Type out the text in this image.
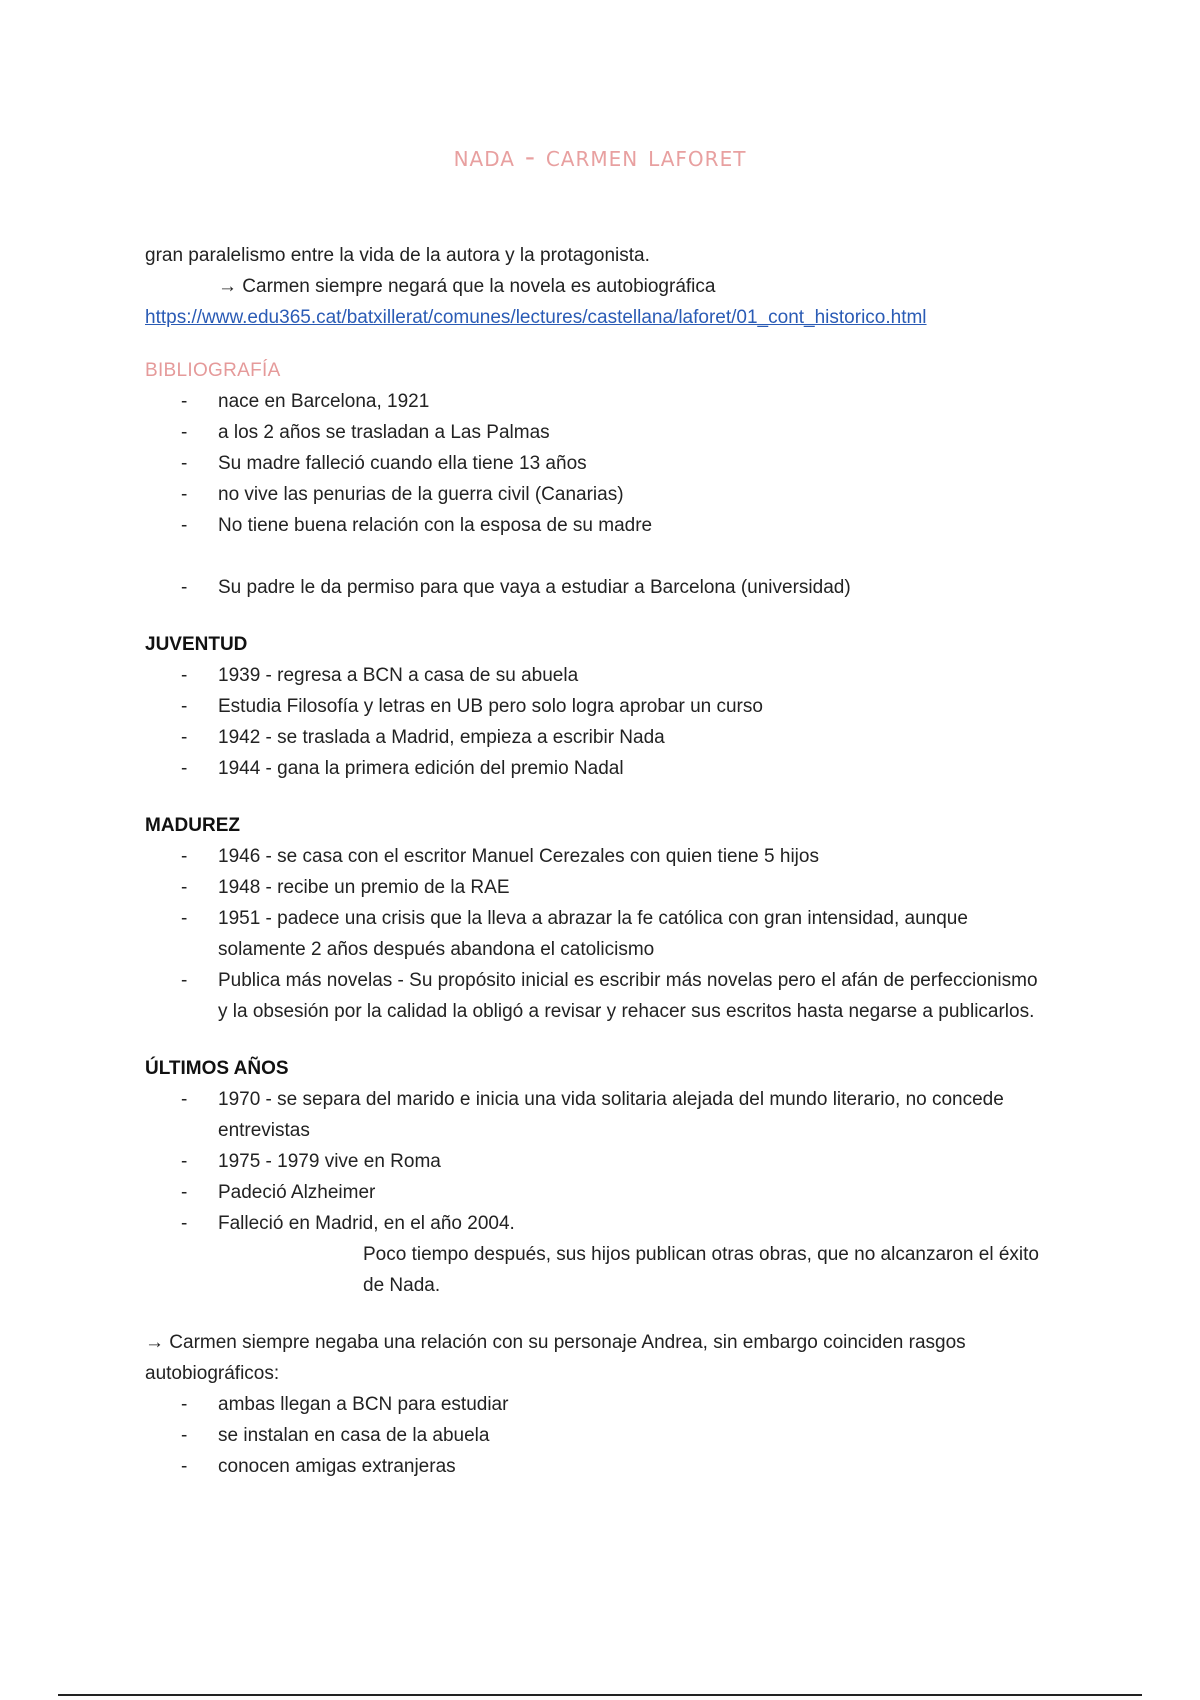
nada - carmen laforet

gran paralelismo entre la vida de la autora y la protagonista.

→ Carmen siempre negará que la novela es autobiográfica

https://www.edu365.cat/batxillerat/comunes/lectures/castellana/laforet/01_cont_historico.html

BIBLIOGRAFÍA
- nace en Barcelona, 1921
- a los 2 años se trasladan a Las Palmas
- Su madre falleció cuando ella tiene 13 años
- no vive las penurias de la guerra civil (Canarias)
- No tiene buena relación con la esposa de su madre
- Su padre le da permiso para que vaya a estudiar a Barcelona (universidad)
JUVENTUD
- 1939 - regresa a BCN a casa de su abuela
- Estudia Filosofía y letras en UB pero solo logra aprobar un curso
- 1942 - se traslada a Madrid, empieza a escribir Nada
- 1944 - gana la primera edición del premio Nadal
MADUREZ
- 1946 - se casa con el escritor Manuel Cerezales con quien tiene 5 hijos
- 1948 - recibe un premio de la RAE
- 1951 - padece una crisis que la lleva a abrazar la fe católica con gran intensidad, aunque solamente 2 años después abandona el catolicismo
- Publica más novelas - Su propósito inicial es escribir más novelas pero el afán de perfeccionismo y la obsesión por la calidad la obligó a revisar y rehacer sus escritos hasta negarse a publicarlos.
ÚLTIMOS AÑOS
- 1970 - se separa del marido e inicia una vida solitaria alejada del mundo literario, no concede entrevistas
- 1975 - 1979 vive en Roma
- Padeció Alzheimer
- Falleció en Madrid, en el año 2004.

Poco tiempo después, sus hijos publican otras obras, que no alcanzaron el éxito de Nada.

→ Carmen siempre negaba una relación con su personaje Andrea, sin embargo coinciden rasgos autobiográficos:

- ambas llegan a BCN para estudiar
- se instalan en casa de la abuela
- conocen amigas extranjeras
